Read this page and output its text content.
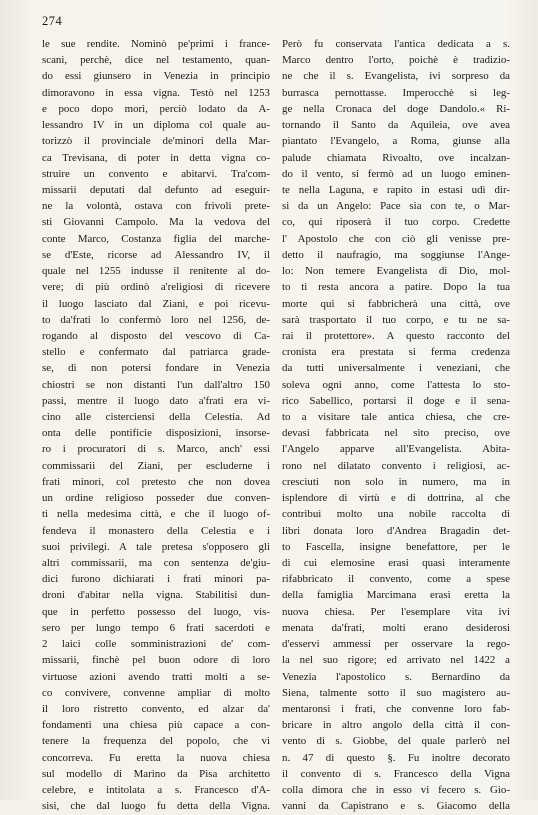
274
le sue rendite. Nominò pe'primi i france-
scani, perchè, dice nel testamento, quan-
do essi giunsero in Venezia in principio
dimoravono in essa vigna. Testò nel 1253
e poco dopo morì, perciò lodato da A-
lessandro IV in un diploma col quale au-
torizzò il provinciale de'minori della Mar-
ca Trevisana, di poter in detta vigna co-
struire un convento e abitarvi. Tra'com-
missarii deputati dal defunto ad eseguir-
ne la volontà, ostava con frivoli prete-
sti Giovanni Campolo. Ma la vedova del
conte Marco, Costanza figlia del marche-
se d'Este, ricorse ad Alessandro IV, il
quale nel 1255 indusse il renitente al do-
vere; di più ordinò a'religiosi di ricevere
il luogo lasciato dal Ziani, e poi ricevu-
to da'frati lo confermò loro nel 1256, de-
rogando al disposto del vescovo di Ca-
stello e confermato dal patriarca grade-
se, di non potersi fondare in Venezia
chiostri se non distanti l'un dall'altro 150
passi, mentre il luogo dato a'frati era vi-
cino alle cisterciensi della Celestia. Ad
onta delle pontificie disposizioni, insorse-
ro i procuratori di s. Marco, anch' essi
commissarii del Ziani, per escluderne i
frati minori, col pretesto che non dovea
un ordine religioso posseder due conven-
ti nella medesima città, e che il luogo of-
fendeva il monastero della Celestia e i
suoi privilegi. A tale pretesa s'opposero gli
altri commissarii, ma con sentenza de'giu-
dici furono dichiarati i frati minori pa-
droni d'abitar nella vigna. Stabilitisi dun-
que in perfetto possesso del luogo, vis-
sero per lungo tempo 6 frati sacerdoti e
2 laici colle somministrazioni de' com-
missarii, finchè pel buon odore di loro
virtuose azioni avendo tratti molti a se-
co convivere, convenne ampliar di molto
il loro ristretto convento, ed alzar da'
fondamenti una chiesa più capace a con-
tenere la frequenza del popolo, che vi
concorreva. Fu eretta la nuova chiesa
sul modello di Marino da Pisa architetto
celebre, e intitolata a s. Francesco d'A-
sisi, che dal luogo fu detta della Vigna.
Però fu conservata l'antica dedicata a s.
Marco dentro l'orto, poichè è tradizio-
ne che il s. Evangelista, ivi sorpreso da
burrasca pernottasse. Imperocchè si leg-
ge nella Cronaca del doge Dandolo.« Ri-
tornando il Santo da Aquileia, ove avea
piantato l'Evangelo, a Roma, giunse alla
palude chiamata Rivoalto, ove incalzan-
do il vento, si fermò ad un luogo eminen-
te nella Laguna, e rapito in estasi udì dir-
si da un Angelo: Pace sia con te, o Mar-
co, qui riposerà il tuo corpo. Credette
l' Apostolo che con ciò gli venisse pre-
detto il naufragio, ma soggiunse l'Ange-
lo: Non temere Evangelista di Dio, mol-
to ti resta ancora a patire. Dopo la tua
morte qui si fabbricherà una città, ove
sarà trasportato il tuo corpo, e tu ne sa-
rai il protettore». A questo racconto del
cronista era prestata si ferma credenza
da tutti universalmente i veneziani, che
soleva ogni anno, come l'attesta lo sto-
rico Sabellico, portarsi il doge e il sena-
to a visitare tale antica chiesa, che cre-
devasi fabbricata nel sito preciso, ove
l'Angelo apparve all'Evangelista. Abita-
rono nel dilatato convento i religiosi, ac-
cresciuti non solo in numero, ma in
isplendore di virtù e di dottrina, al che
contribuì molto una nobile raccolta di
libri donata loro d'Andrea Bragadin det-
to Fascella, insigne benefattore, per le
di cui elemosine erasi quasi interamente
rifabbricato il convento, come a spese
della famiglia Marcimana erasi eretta la
nuova chiesa. Per l'esemplare vita ivi
menata da'frati, molti erano desiderosi
d'esservi ammessi per osservare la rego-
la nel suo rigore; ed arrivato nel 1422 a
Venezia l'apostolico s. Bernardino da
Siena, talmente sotto il suo magistero au-
mentaronsi i frati, che convenne loro fab-
bricare in altro angolo della città il con-
vento di s. Giobbe, del quale parlerò nel
n. 47 di questo §. Fu inoltre decorato
il convento di s. Francesco della Vigna
colla dimora che in esso vi fecero s. Gio-
vanni da Capistrano e s. Giacomo della
